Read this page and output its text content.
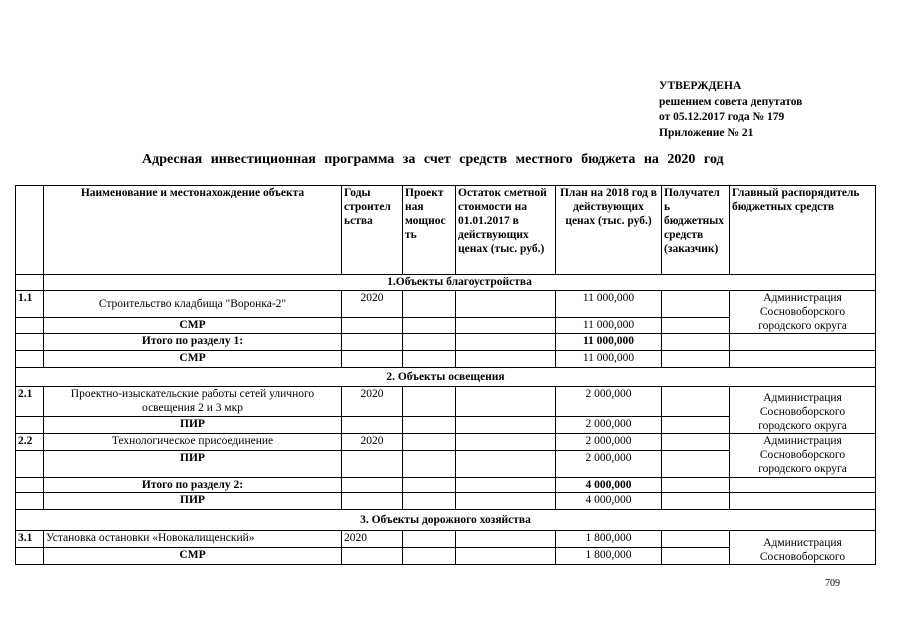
УТВЕРЖДЕНА
решением совета депутатов
от 05.12.2017 года № 179
Приложение № 21
Адресная инвестиционная программа за счет средств местного бюджета на 2020 год
	Наименование и местонахождение объекта	Годы строител ьства	Проект ная мощнос ть	Остаток сметной стоимости на 01.01.2017 в действующих ценах (тыс. руб.)	План на 2018 год в действующих ценах (тыс. руб.)	Получател ь бюджетных средств (заказчик)	Главный распорядитель бюджетных средств
	1.Объекты благоустройства						
1.1	Строительство кладбища "Воронка-2"	2020			11 000,000		Администрация Сосновоборского городского округа
	СМР				11 000,000		
	Итого по разделу 1:				11 000,000		
	СМР				11 000,000		
2. Объекты освещения							
2.1	Проектно-изыскательские работы сетей уличного освещения 2 и 3 мкр	2020			2 000,000		Администрация Сосновоборского городского округа
	ПИР				2 000,000		
2.2	Технологическое присоединение	2020			2 000,000		Администрация Сосновоборского городского округа
	ПИР				2 000,000		
	Итого по разделу 2:				4 000,000		
	ПИР				4 000,000		
3. Объекты дорожного хозяйства							
3.1	Установка остановки «Новокалищенский»	2020			1 800,000		Администрация Сосновоборского
	СМР				1 800,000		
709
